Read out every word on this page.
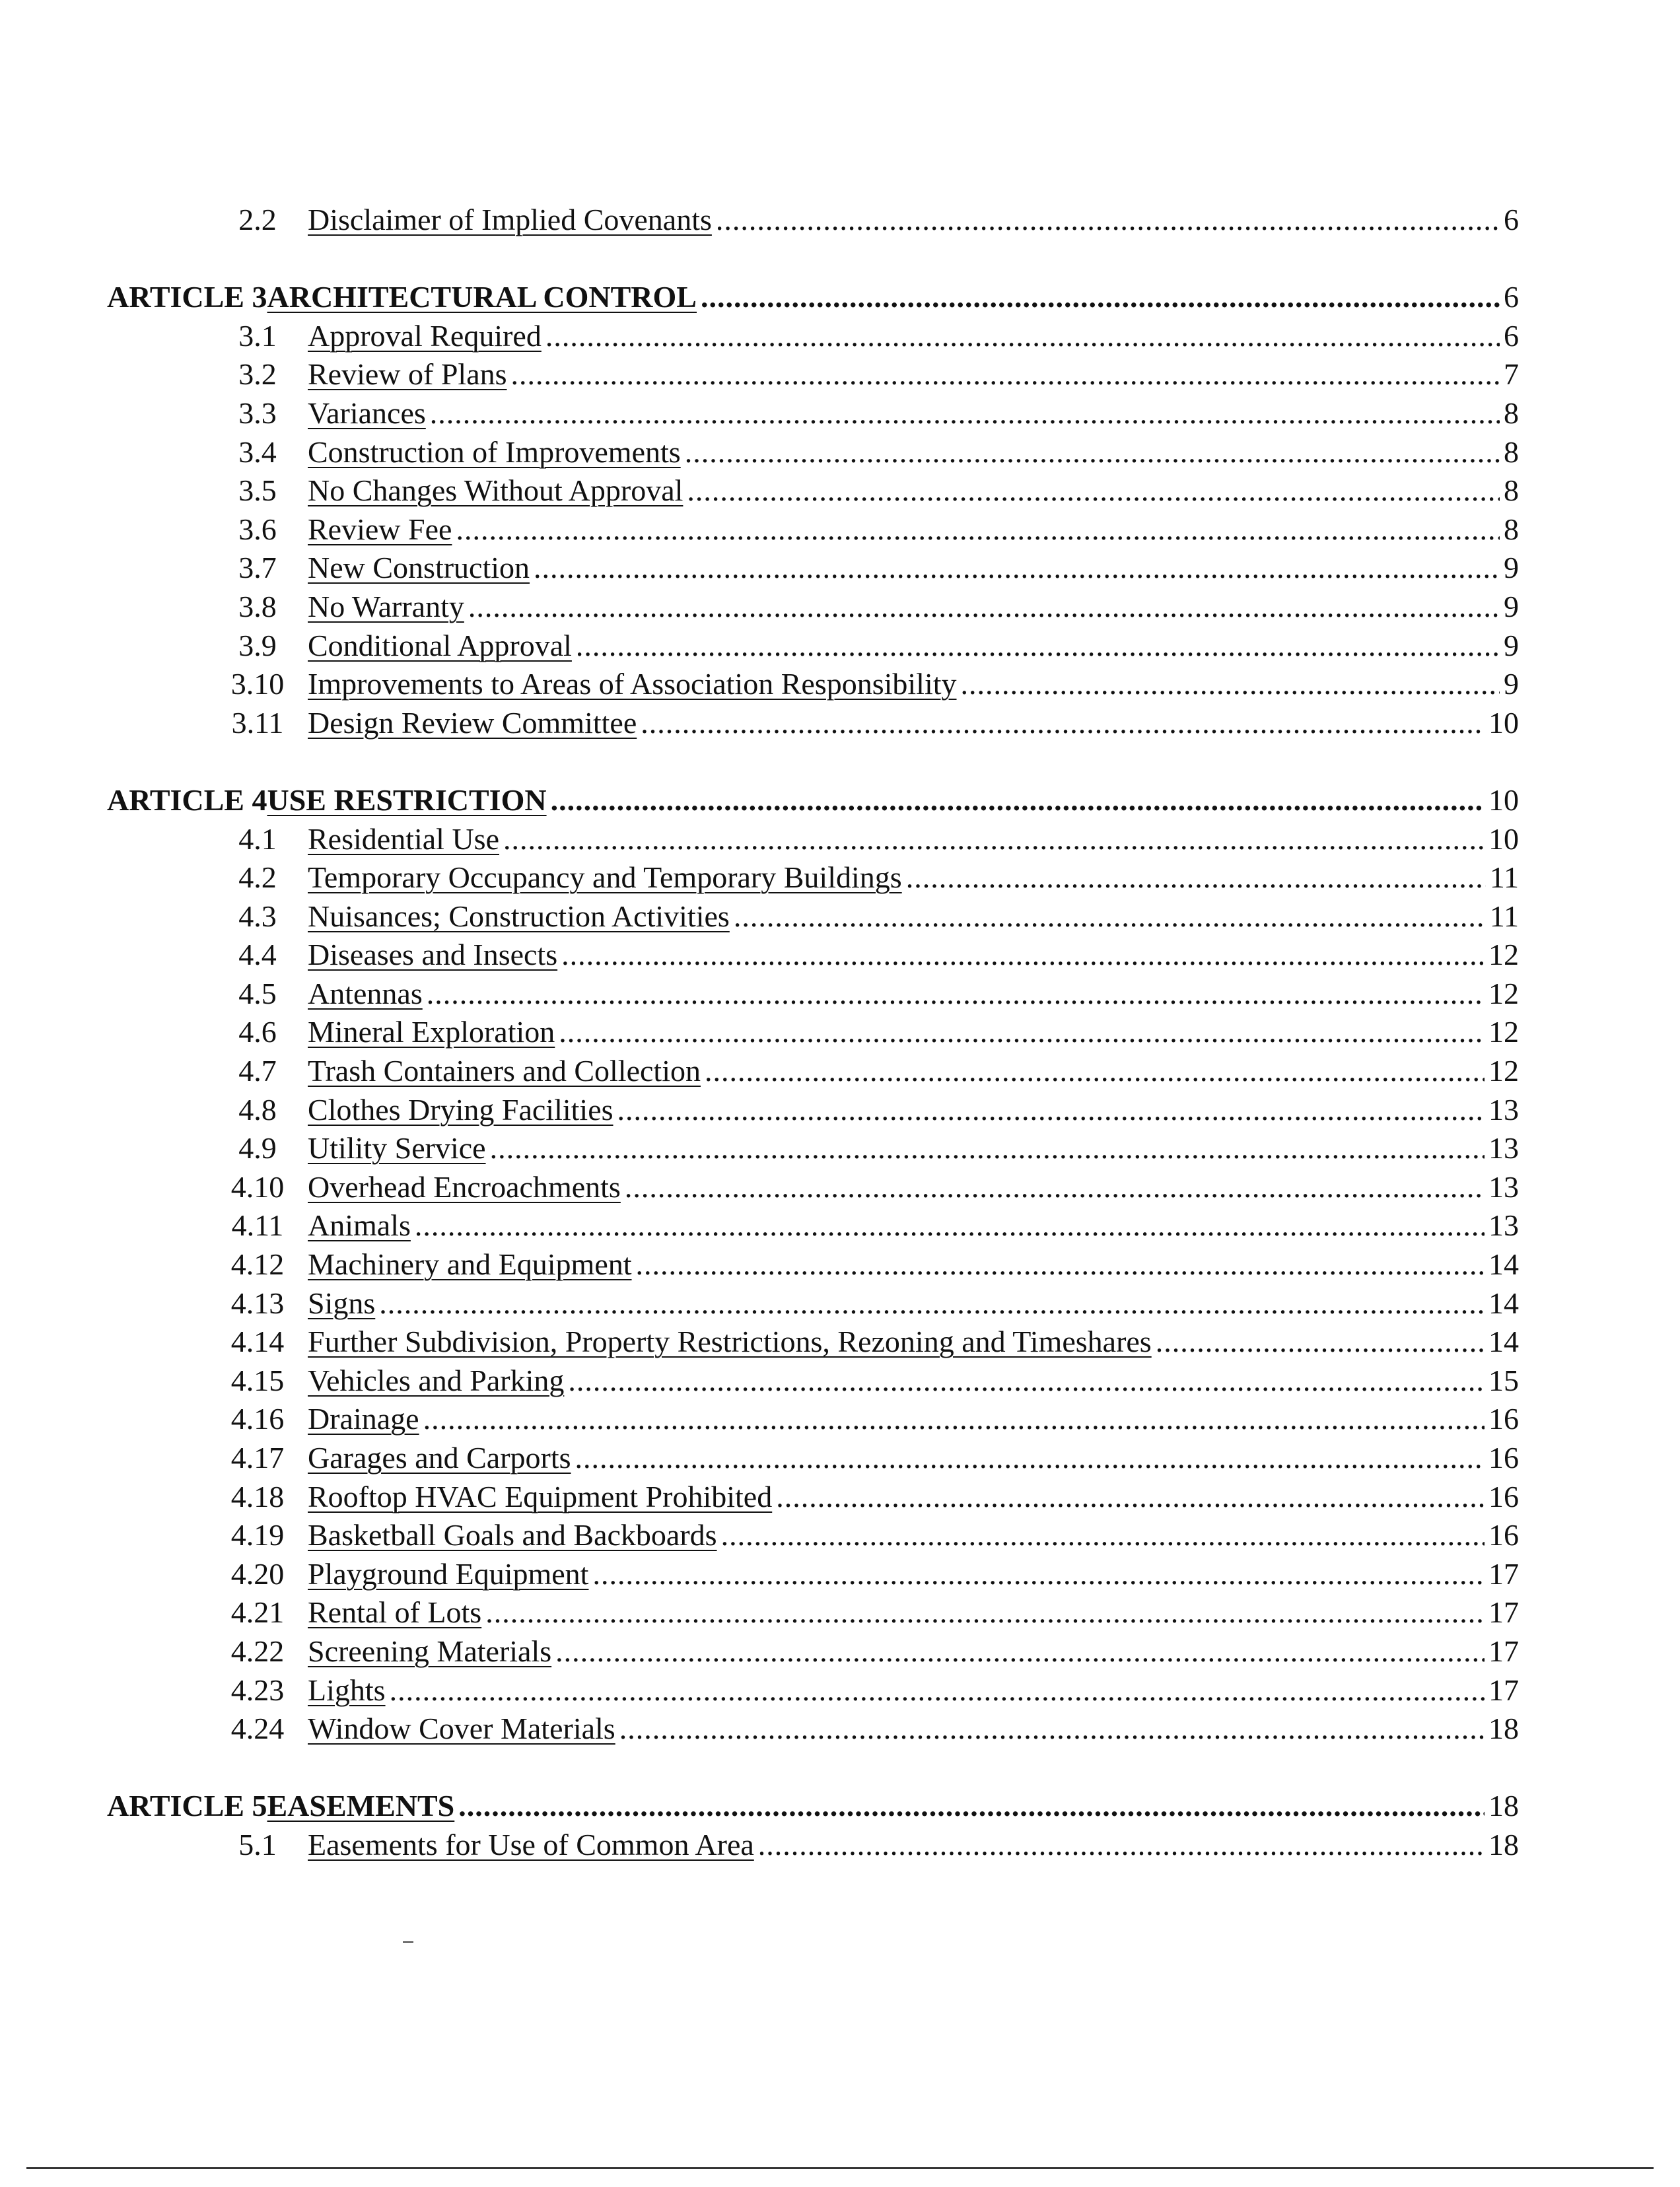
2.2	Disclaimer of Implied Covenants .....	6
ARTICLE 3 ARCHITECTURAL CONTROL .....	6
3.1	Approval Required .....	6
3.2	Review of Plans .....	7
3.3	Variances .....	8
3.4	Construction of Improvements .....	8
3.5	No Changes Without Approval .....	8
3.6	Review Fee .....	8
3.7	New Construction .....	9
3.8	No Warranty .....	9
3.9	Conditional Approval .....	9
3.10 Improvements to Areas of Association Responsibility .....	9
3.11 Design Review Committee .....	10
ARTICLE 4 USE RESTRICTION .....	10
4.1	Residential Use .....	10
4.2	Temporary Occupancy and Temporary Buildings .....	11
4.3	Nuisances; Construction Activities .....	11
4.4	Diseases and Insects .....	12
4.5	Antennas .....	12
4.6	Mineral Exploration .....	12
4.7	Trash Containers and Collection .....	12
4.8	Clothes Drying Facilities .....	13
4.9	Utility Service .....	13
4.10 Overhead Encroachments .....	13
4.11 Animals .....	13
4.12 Machinery and Equipment .....	14
4.13 Signs .....	14
4.14 Further Subdivision, Property Restrictions, Rezoning and Timeshares .....	14
4.15 Vehicles and Parking .....	15
4.16 Drainage .....	16
4.17 Garages and Carports .....	16
4.18 Rooftop HVAC Equipment Prohibited .....	16
4.19 Basketball Goals and Backboards .....	16
4.20 Playground Equipment .....	17
4.21 Rental of Lots .....	17
4.22 Screening Materials .....	17
4.23 Lights .....	17
4.24 Window Cover Materials .....	18
ARTICLE 5 EASEMENTS .....	18
5.1	Easements for Use of Common Area .....	18
